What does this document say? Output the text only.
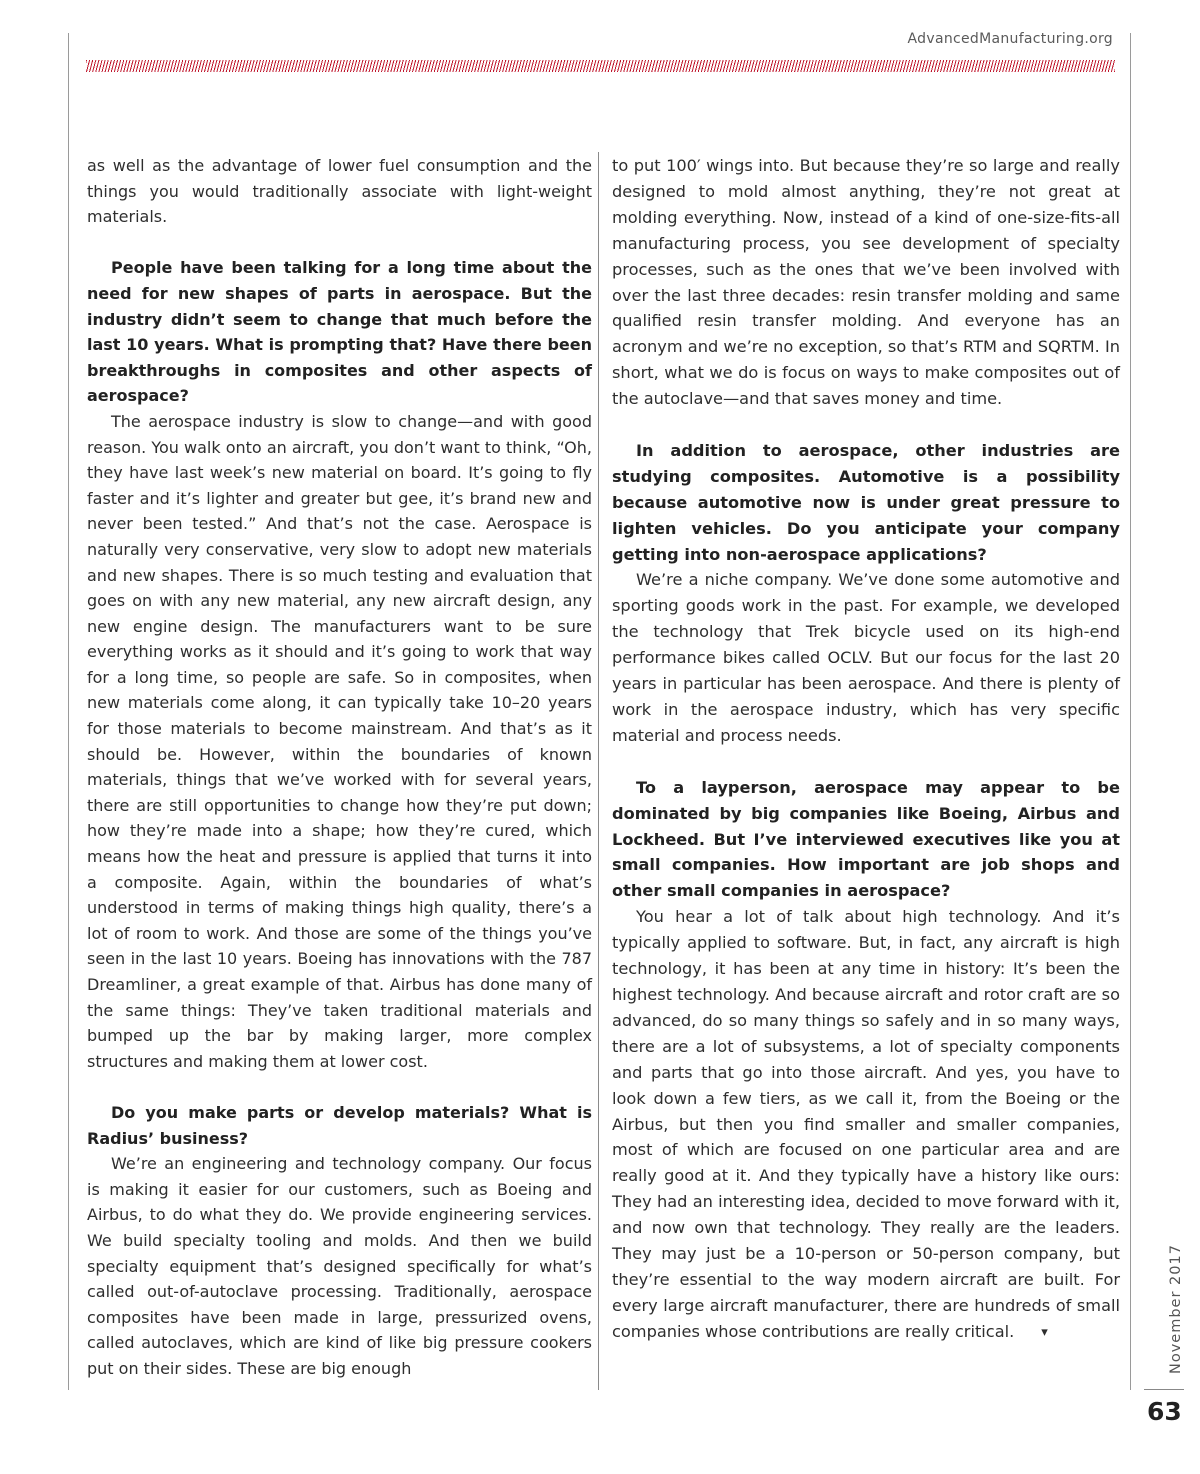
AdvancedManufacturing.org

as well as the advantage of lower fuel consumption and the things you would traditionally associate with light-weight materials.

People have been talking for a long time about the need for new shapes of parts in aerospace. But the industry didn’t seem to change that much before the last 10 years. What is prompting that? Have there been breakthroughs in composites and other aspects of aerospace?

The aerospace industry is slow to change—and with good reason. You walk onto an aircraft, you don’t want to think, “Oh, they have last week’s new material on board. It’s going to fly faster and it’s lighter and greater but gee, it’s brand new and never been tested.” And that’s not the case. Aerospace is naturally very conservative, very slow to adopt new materials and new shapes. There is so much testing and evaluation that goes on with any new material, any new aircraft design, any new engine design. The manufacturers want to be sure everything works as it should and it’s going to work that way for a long time, so people are safe. So in composites, when new materials come along, it can typically take 10–20 years for those materials to become mainstream. And that’s as it should be. However, within the boundaries of known materials, things that we’ve worked with for several years, there are still opportunities to change how they’re put down; how they’re made into a shape; how they’re cured, which means how the heat and pressure is applied that turns it into a composite. Again, within the boundaries of what’s understood in terms of making things high quality, there’s a lot of room to work. And those are some of the things you’ve seen in the last 10 years. Boeing has innovations with the 787 Dreamliner, a great example of that. Airbus has done many of the same things: They’ve taken traditional materials and bumped up the bar by making larger, more complex structures and making them at lower cost.

Do you make parts or develop materials? What is Radius’ business?

We’re an engineering and technology company. Our focus is making it easier for our customers, such as Boeing and Airbus, to do what they do. We provide engineering services. We build specialty tooling and molds. And then we build specialty equipment that’s designed specifically for what’s called out-of-autoclave processing. Traditionally, aerospace composites have been made in large, pressurized ovens, called autoclaves, which are kind of like big pressure cookers put on their sides. These are big enough

to put 100′ wings into. But because they’re so large and really designed to mold almost anything, they’re not great at molding everything. Now, instead of a kind of one-size-fits-all manufacturing process, you see development of specialty processes, such as the ones that we’ve been involved with over the last three decades: resin transfer molding and same qualified resin transfer molding. And everyone has an acronym and we’re no exception, so that’s RTM and SQRTM. In short, what we do is focus on ways to make composites out of the autoclave—and that saves money and time.

In addition to aerospace, other industries are studying composites. Automotive is a possibility because automotive now is under great pressure to lighten vehicles. Do you anticipate your company getting into non-aerospace applications?

We’re a niche company. We’ve done some automotive and sporting goods work in the past. For example, we developed the technology that Trek bicycle used on its high-end performance bikes called OCLV. But our focus for the last 20 years in particular has been aerospace. And there is plenty of work in the aerospace industry, which has very specific material and process needs.

To a layperson, aerospace may appear to be dominated by big companies like Boeing, Airbus and Lockheed. But I’ve interviewed executives like you at small companies. How important are job shops and other small companies in aerospace?

You hear a lot of talk about high technology. And it’s typically applied to software. But, in fact, any aircraft is high technology, it has been at any time in history: It’s been the highest technology. And because aircraft and rotor craft are so advanced, do so many things so safely and in so many ways, there are a lot of subsystems, a lot of specialty components and parts that go into those aircraft. And yes, you have to look down a few tiers, as we call it, from the Boeing or the Airbus, but then you find smaller and smaller companies, most of which are focused on one particular area and are really good at it. And they typically have a history like ours: They had an interesting idea, decided to move forward with it, and now own that technology. They really are the leaders. They may just be a 10-person or 50-person company, but they’re essential to the way modern aircraft are built. For every large aircraft manufacturer, there are hundreds of small companies whose contributions are really critical. ▾	November 2017
63
